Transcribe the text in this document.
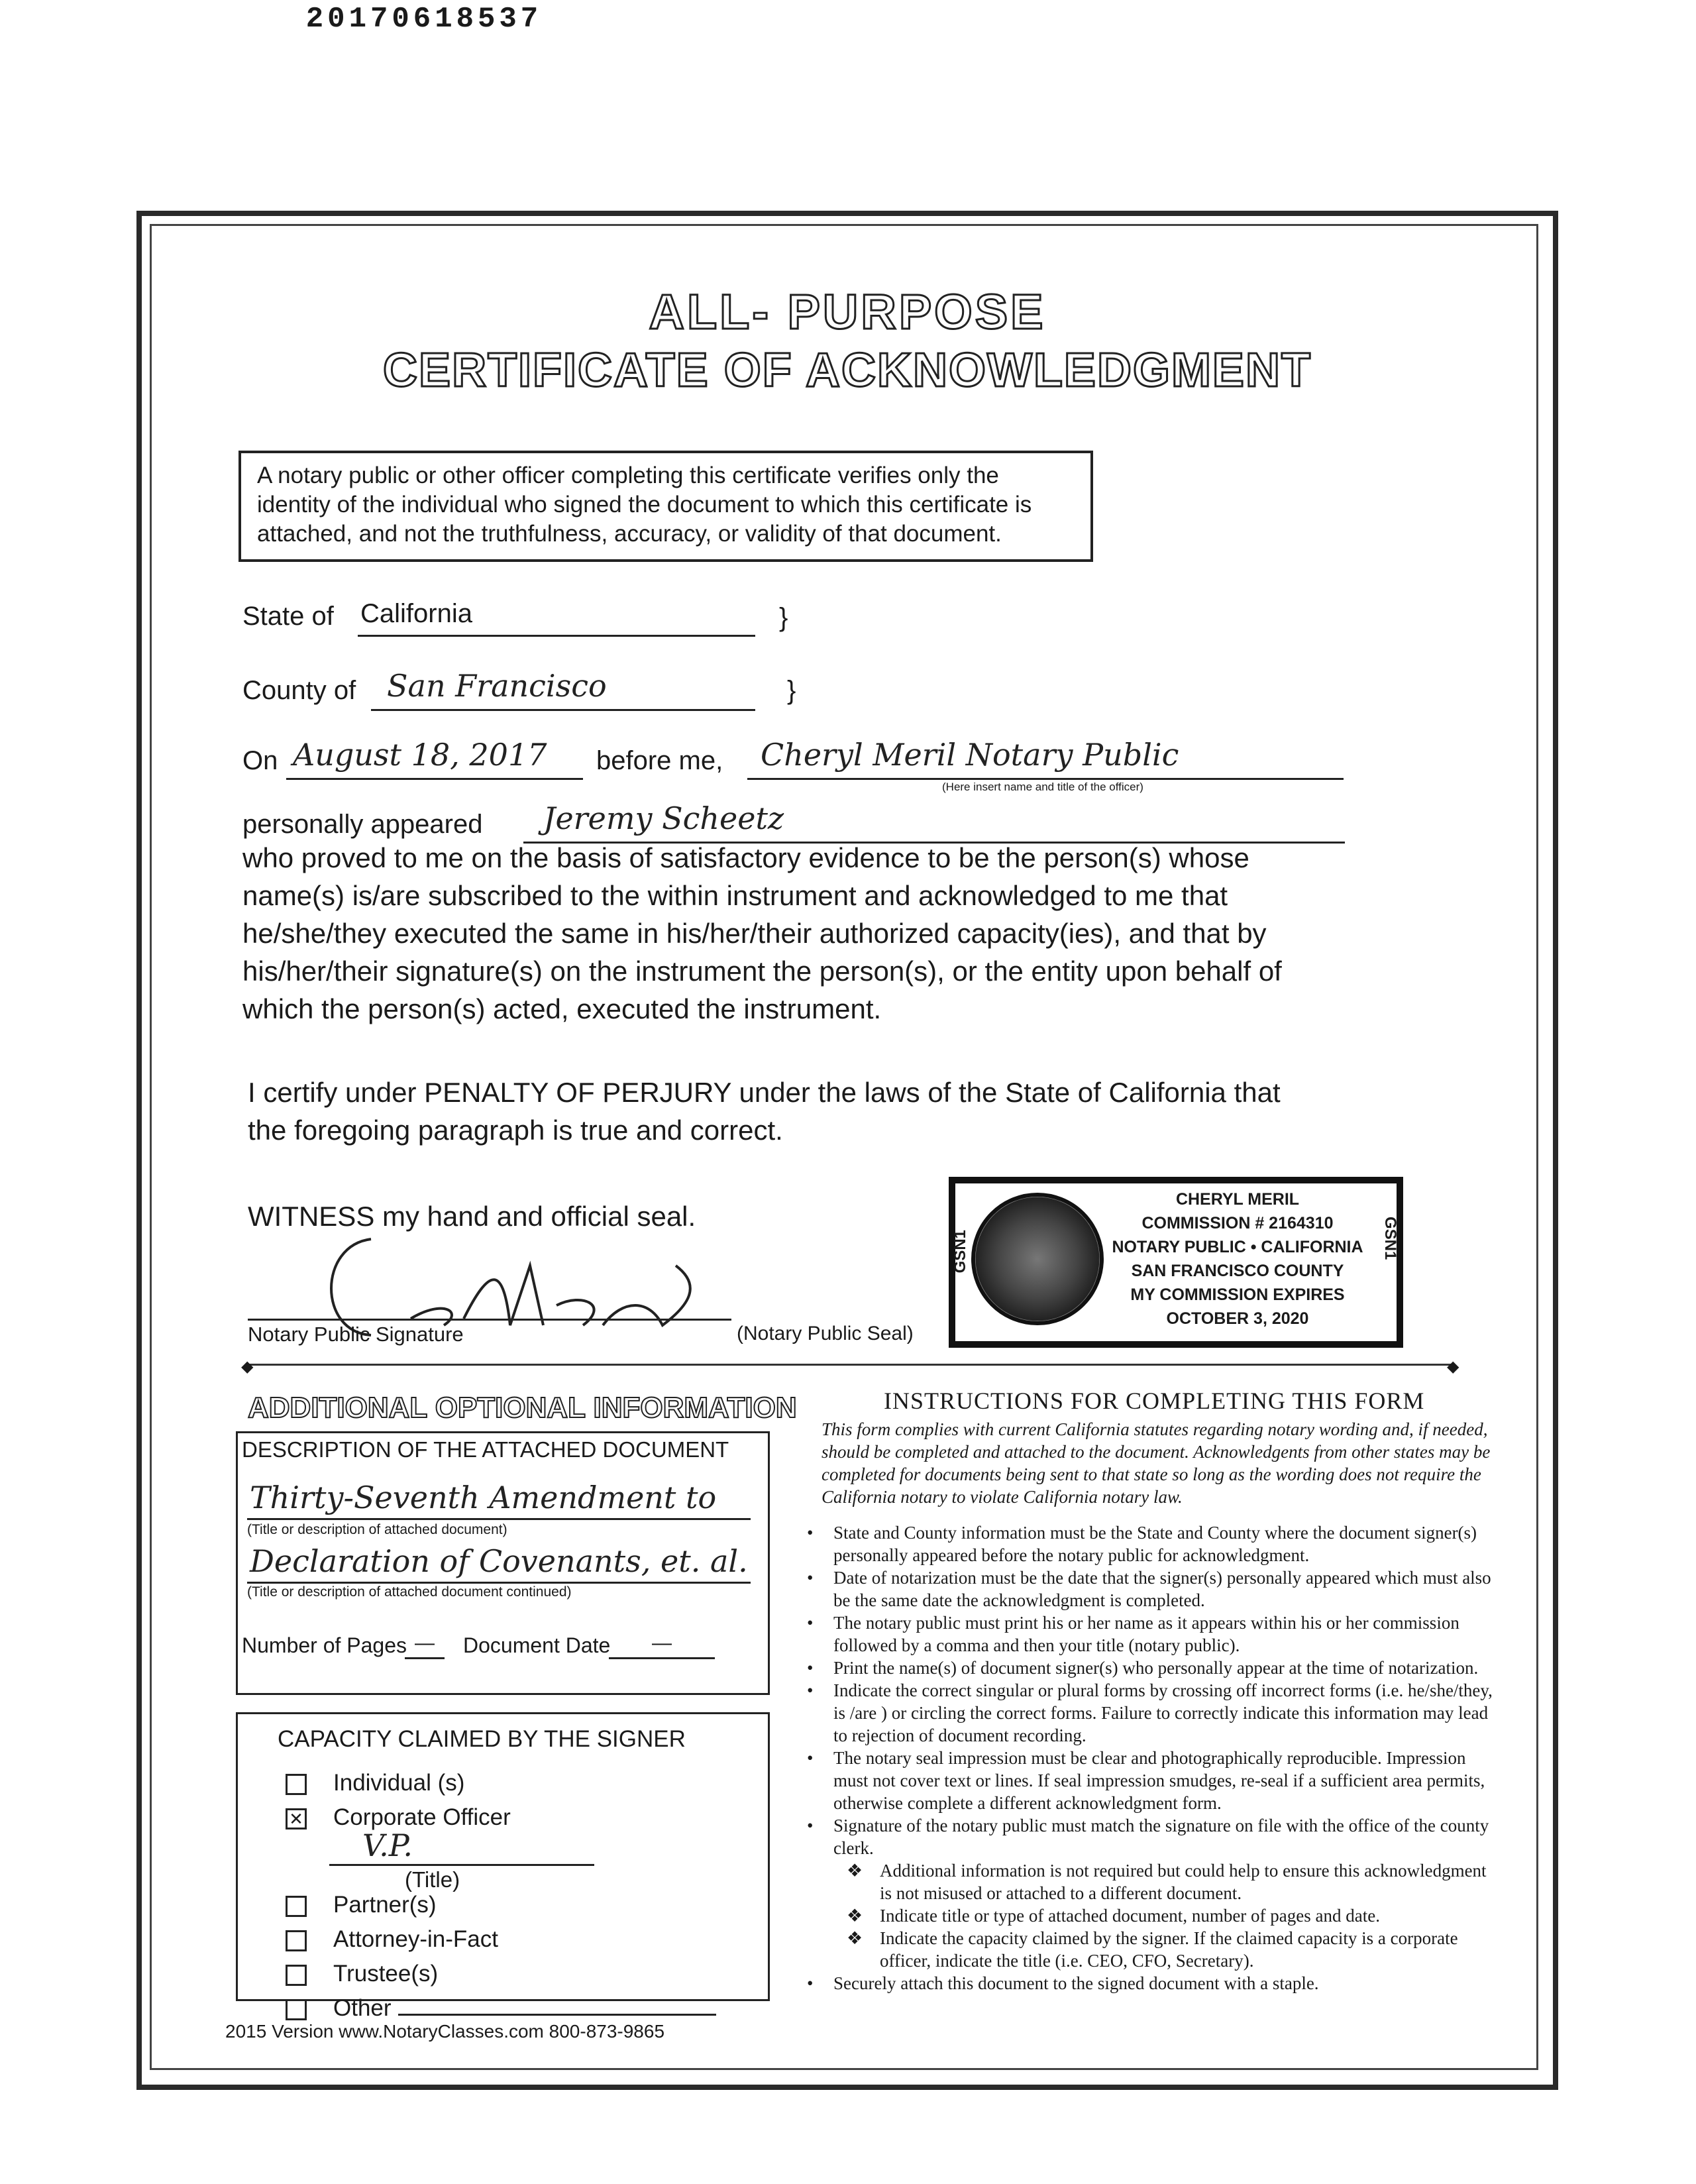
20170618537
ALL- PURPOSE
CERTIFICATE OF ACKNOWLEDGMENT
A notary public or other officer completing this certificate verifies only the identity of the individual who signed the document to which this certificate is attached, and not the truthfulness, accuracy, or validity of that document.
State of California	}
County of San Francisco	}
On August 18, 2017 before me, Cheryl Meril Notary Public
(Here insert name and title of the officer)
personally appeared Jeremy Scheetz
who proved to me on the basis of satisfactory evidence to be the person(s) whose
name(s) is/are subscribed to the within instrument and acknowledged to me that
he/she/they executed the same in his/her/their authorized capacity(ies), and that by
his/her/their signature(s) on the instrument the person(s), or the entity upon behalf of
which the person(s) acted, executed the instrument.
I certify under PENALTY OF PERJURY under the laws of the State of California that
the foregoing paragraph is true and correct.
WITNESS my hand and official seal.
Notary Public Signature	(Notary Public Seal)
GSN1	GSN1
CHERYL MERIL
COMMISSION # 2164310
NOTARY PUBLIC • CALIFORNIA
SAN FRANCISCO COUNTY
MY COMMISSION EXPIRES
OCTOBER 3, 2020
◆	◆
ADDITIONAL OPTIONAL INFORMATION
DESCRIPTION OF THE ATTACHED DOCUMENT
Thirty-Seventh Amendment to
(Title or description of attached document)
Declaration of Covenants, et. al.
(Title or description of attached document continued)
Number of Pages —	Document Date	—
CAPACITY CLAIMED BY THE SIGNER
Individual (s)
✕ Corporate Officer
V.P.
(Title)
Partner(s)
Attorney-in-Fact
Trustee(s)
Other
2015 Version www.NotaryClasses.com 800-873-9865
INSTRUCTIONS FOR COMPLETING THIS FORM
This form complies with current California statutes regarding notary wording and, if needed, should be completed and attached to the document. Acknowledgents from other states may be completed for documents being sent to that state so long as the wording does not require the California notary to violate California notary law.
•	State and County information must be the State and County where the document signer(s) personally appeared before the notary public for acknowledgment.
•	Date of notarization must be the date that the signer(s) personally appeared which must also be the same date the acknowledgment is completed.
•	The notary public must print his or her name as it appears within his or her commission followed by a comma and then your title (notary public).
•	Print the name(s) of document signer(s) who personally appear at the time of notarization.
•	Indicate the correct singular or plural forms by crossing off incorrect forms (i.e. he/she/they, is /are ) or circling the correct forms. Failure to correctly indicate this information may lead to rejection of document recording.
•	The notary seal impression must be clear and photographically reproducible. Impression must not cover text or lines. If seal impression smudges, re-seal if a sufficient area permits, otherwise complete a different acknowledgment form.
•	Signature of the notary public must match the signature on file with the office of the county clerk.
❖ Additional information is not required but could help to ensure this acknowledgment is not misused or attached to a different document.
❖ Indicate title or type of attached document, number of pages and date.
❖ Indicate the capacity claimed by the signer. If the claimed capacity is a corporate officer, indicate the title (i.e. CEO, CFO, Secretary).
•	Securely attach this document to the signed document with a staple.
